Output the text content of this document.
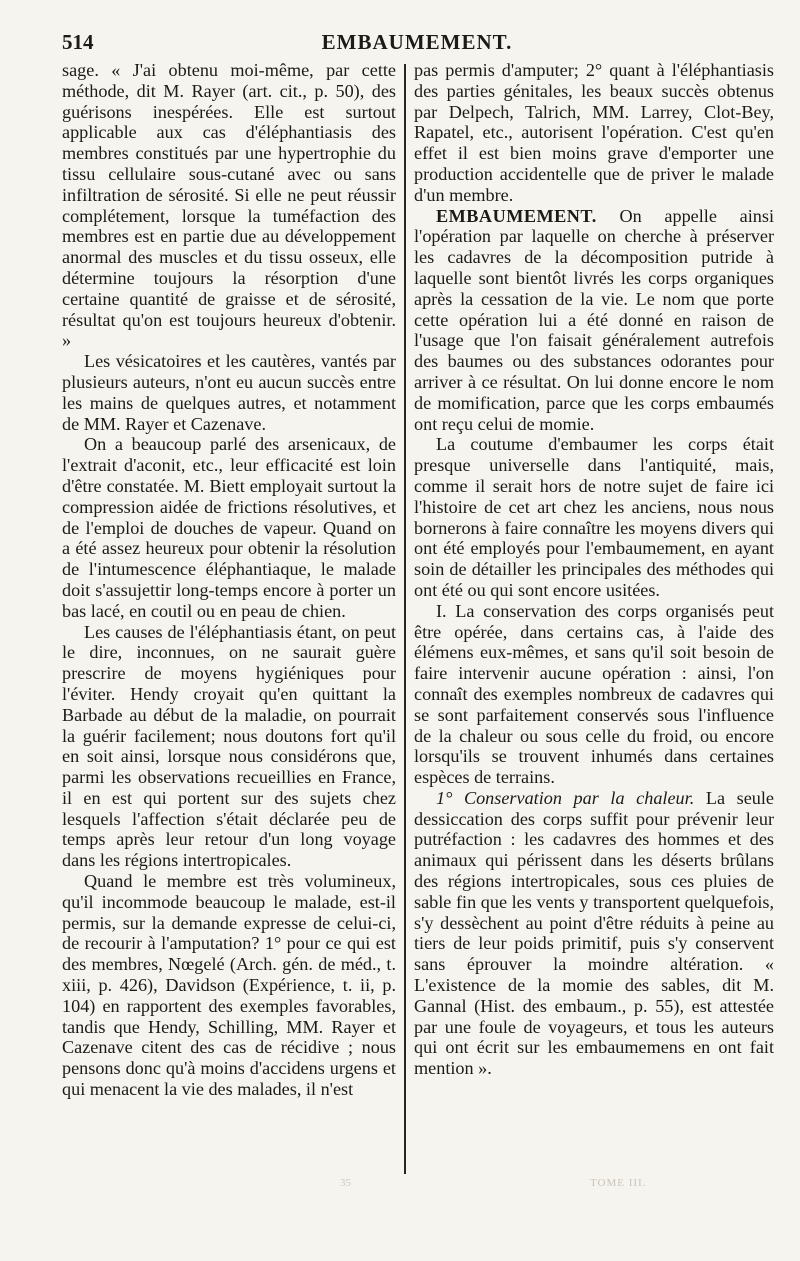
514	EMBAUMEMENT.

sage. « J'ai obtenu moi-même, par cette méthode, dit M. Rayer (art. cit., p. 50), des guérisons inespérées. Elle est surtout applicable aux cas d'éléphantiasis des membres constitués par une hypertrophie du tissu cellulaire sous-cutané avec ou sans infiltration de sérosité. Si elle ne peut réussir complétement, lorsque la tuméfaction des membres est en partie due au développement anormal des muscles et du tissu osseux, elle détermine toujours la résorption d'une certaine quantité de graisse et de sérosité, résultat qu'on est toujours heureux d'obtenir. »

Les vésicatoires et les cautères, vantés par plusieurs auteurs, n'ont eu aucun succès entre les mains de quelques autres, et notamment de MM. Rayer et Cazenave.

On a beaucoup parlé des arsenicaux, de l'extrait d'aconit, etc., leur efficacité est loin d'être constatée. M. Biett employait surtout la compression aidée de frictions résolutives, et de l'emploi de douches de vapeur. Quand on a été assez heureux pour obtenir la résolution de l'intumescence éléphantiaque, le malade doit s'assujettir long-temps encore à porter un bas lacé, en coutil ou en peau de chien.

Les causes de l'éléphantiasis étant, on peut le dire, inconnues, on ne saurait guère prescrire de moyens hygiéniques pour l'éviter. Hendy croyait qu'en quittant la Barbade au début de la maladie, on pourrait la guérir facilement; nous doutons fort qu'il en soit ainsi, lorsque nous considérons que, parmi les observations recueillies en France, il en est qui portent sur des sujets chez lesquels l'affection s'était déclarée peu de temps après leur retour d'un long voyage dans les régions intertropicales.

Quand le membre est très volumineux, qu'il incommode beaucoup le malade, est-il permis, sur la demande expresse de celui-ci, de recourir à l'amputation? 1° pour ce qui est des membres, Nœgelé (Arch. gén. de méd., t. xiii, p. 426), Davidson (Expérience, t. ii, p. 104) en rapportent des exemples favorables, tandis que Hendy, Schilling, MM. Rayer et Cazenave citent des cas de récidive ; nous pensons donc qu'à moins d'accidens urgens et qui menacent la vie des malades, il n'est

pas permis d'amputer; 2° quant à l'éléphantiasis des parties génitales, les beaux succès obtenus par Delpech, Talrich, MM. Larrey, Clot-Bey, Rapatel, etc., autorisent l'opération. C'est qu'en effet il est bien moins grave d'emporter une production accidentelle que de priver le malade d'un membre.

EMBAUMEMENT. On appelle ainsi l'opération par laquelle on cherche à préserver les cadavres de la décomposition putride à laquelle sont bientôt livrés les corps organiques après la cessation de la vie. Le nom que porte cette opération lui a été donné en raison de l'usage que l'on faisait généralement autrefois des baumes ou des substances odorantes pour arriver à ce résultat. On lui donne encore le nom de momification, parce que les corps embaumés ont reçu celui de momie.

La coutume d'embaumer les corps était presque universelle dans l'antiquité, mais, comme il serait hors de notre sujet de faire ici l'histoire de cet art chez les anciens, nous nous bornerons à faire connaître les moyens divers qui ont été employés pour l'embaumement, en ayant soin de détailler les principales des méthodes qui ont été ou qui sont encore usitées.

I. La conservation des corps organisés peut être opérée, dans certains cas, à l'aide des élémens eux-mêmes, et sans qu'il soit besoin de faire intervenir aucune opération : ainsi, l'on connaît des exemples nombreux de cadavres qui se sont parfaitement conservés sous l'influence de la chaleur ou sous celle du froid, ou encore lorsqu'ils se trouvent inhumés dans certaines espèces de terrains.

1° Conservation par la chaleur. La seule dessiccation des corps suffit pour prévenir leur putréfaction : les cadavres des hommes et des animaux qui périssent dans les déserts brûlans des régions intertropicales, sous ces pluies de sable fin que les vents y transportent quelquefois, s'y dessèchent au point d'être réduits à peine au tiers de leur poids primitif, puis s'y conservent sans éprouver la moindre altération. « L'existence de la momie des sables, dit M. Gannal (Hist. des embaum., p. 55), est attestée par une foule de voyageurs, et tous les auteurs qui ont écrit sur les embaumemens en ont fait mention ».

35	TOME III.
